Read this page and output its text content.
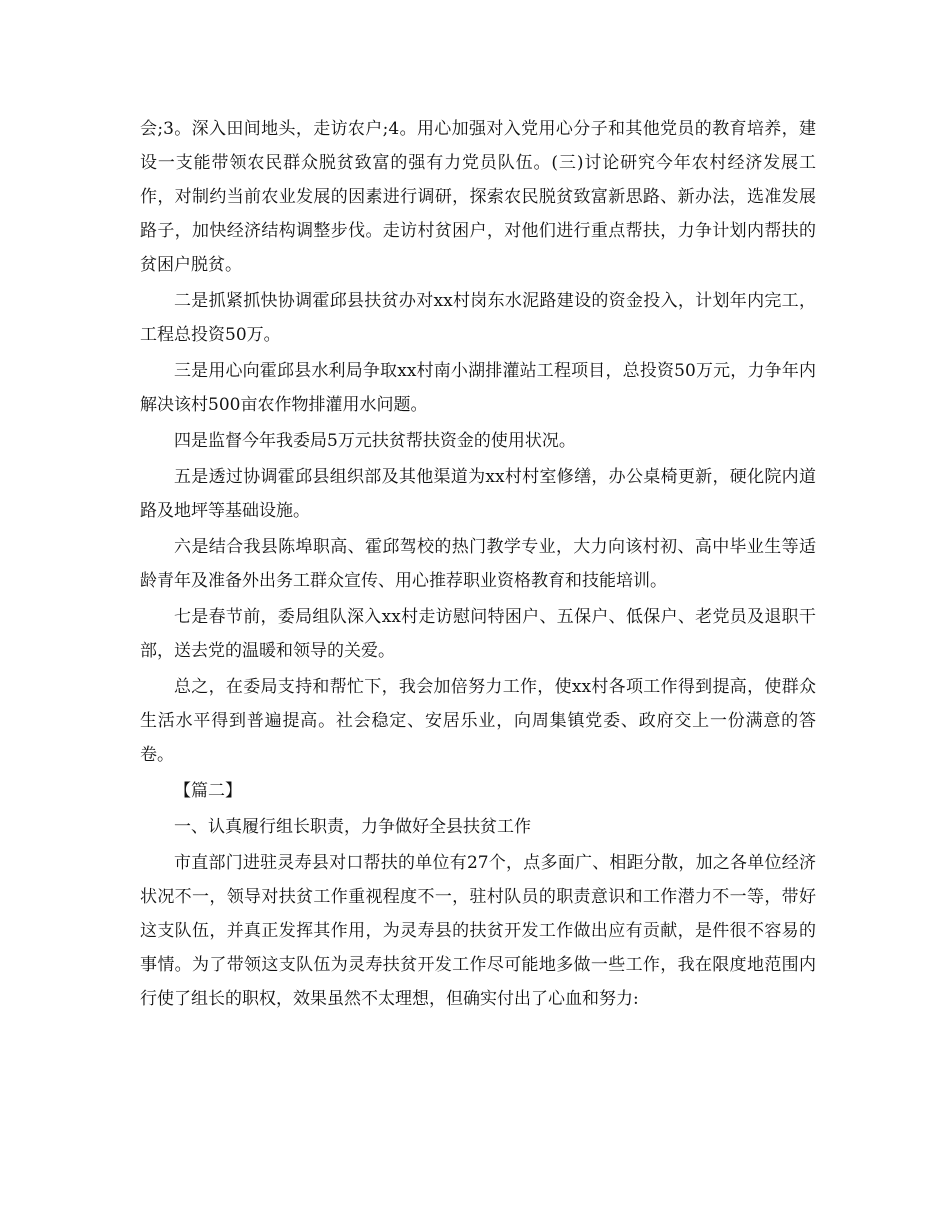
会;3。深入田间地头，走访农户;4。用心加强对入党用心分子和其他党员的教育培养，建设一支能带领农民群众脱贫致富的强有力党员队伍。(三)讨论研究今年农村经济发展工作，对制约当前农业发展的因素进行调研，探索农民脱贫致富新思路、新办法，选准发展路子，加快经济结构调整步伐。走访村贫困户，对他们进行重点帮扶，力争计划内帮扶的贫困户脱贫。

二是抓紧抓快协调霍邱县扶贫办对xx村岗东水泥路建设的资金投入，计划年内完工，工程总投资50万。

三是用心向霍邱县水利局争取xx村南小湖排灌站工程项目，总投资50万元，力争年内解决该村500亩农作物排灌用水问题。

四是监督今年我委局5万元扶贫帮扶资金的使用状况。

五是透过协调霍邱县组织部及其他渠道为xx村村室修缮，办公桌椅更新，硬化院内道路及地坪等基础设施。

六是结合我县陈埠职高、霍邱驾校的热门教学专业，大力向该村初、高中毕业生等适龄青年及准备外出务工群众宣传、用心推荐职业资格教育和技能培训。

七是春节前，委局组队深入xx村走访慰问特困户、五保户、低保户、老党员及退职干部，送去党的温暖和领导的关爱。

总之，在委局支持和帮忙下，我会加倍努力工作，使xx村各项工作得到提高，使群众生活水平得到普遍提高。社会稳定、安居乐业，向周集镇党委、政府交上一份满意的答卷。

【篇二】

一、认真履行组长职责，力争做好全县扶贫工作

市直部门进驻灵寿县对口帮扶的单位有27个，点多面广、相距分散，加之各单位经济状况不一，领导对扶贫工作重视程度不一，驻村队员的职责意识和工作潜力不一等，带好这支队伍，并真正发挥其作用，为灵寿县的扶贫开发工作做出应有贡献，是件很不容易的事情。为了带领这支队伍为灵寿扶贫开发工作尽可能地多做一些工作，我在限度地范围内行使了组长的职权，效果虽然不太理想，但确实付出了心血和努力:
